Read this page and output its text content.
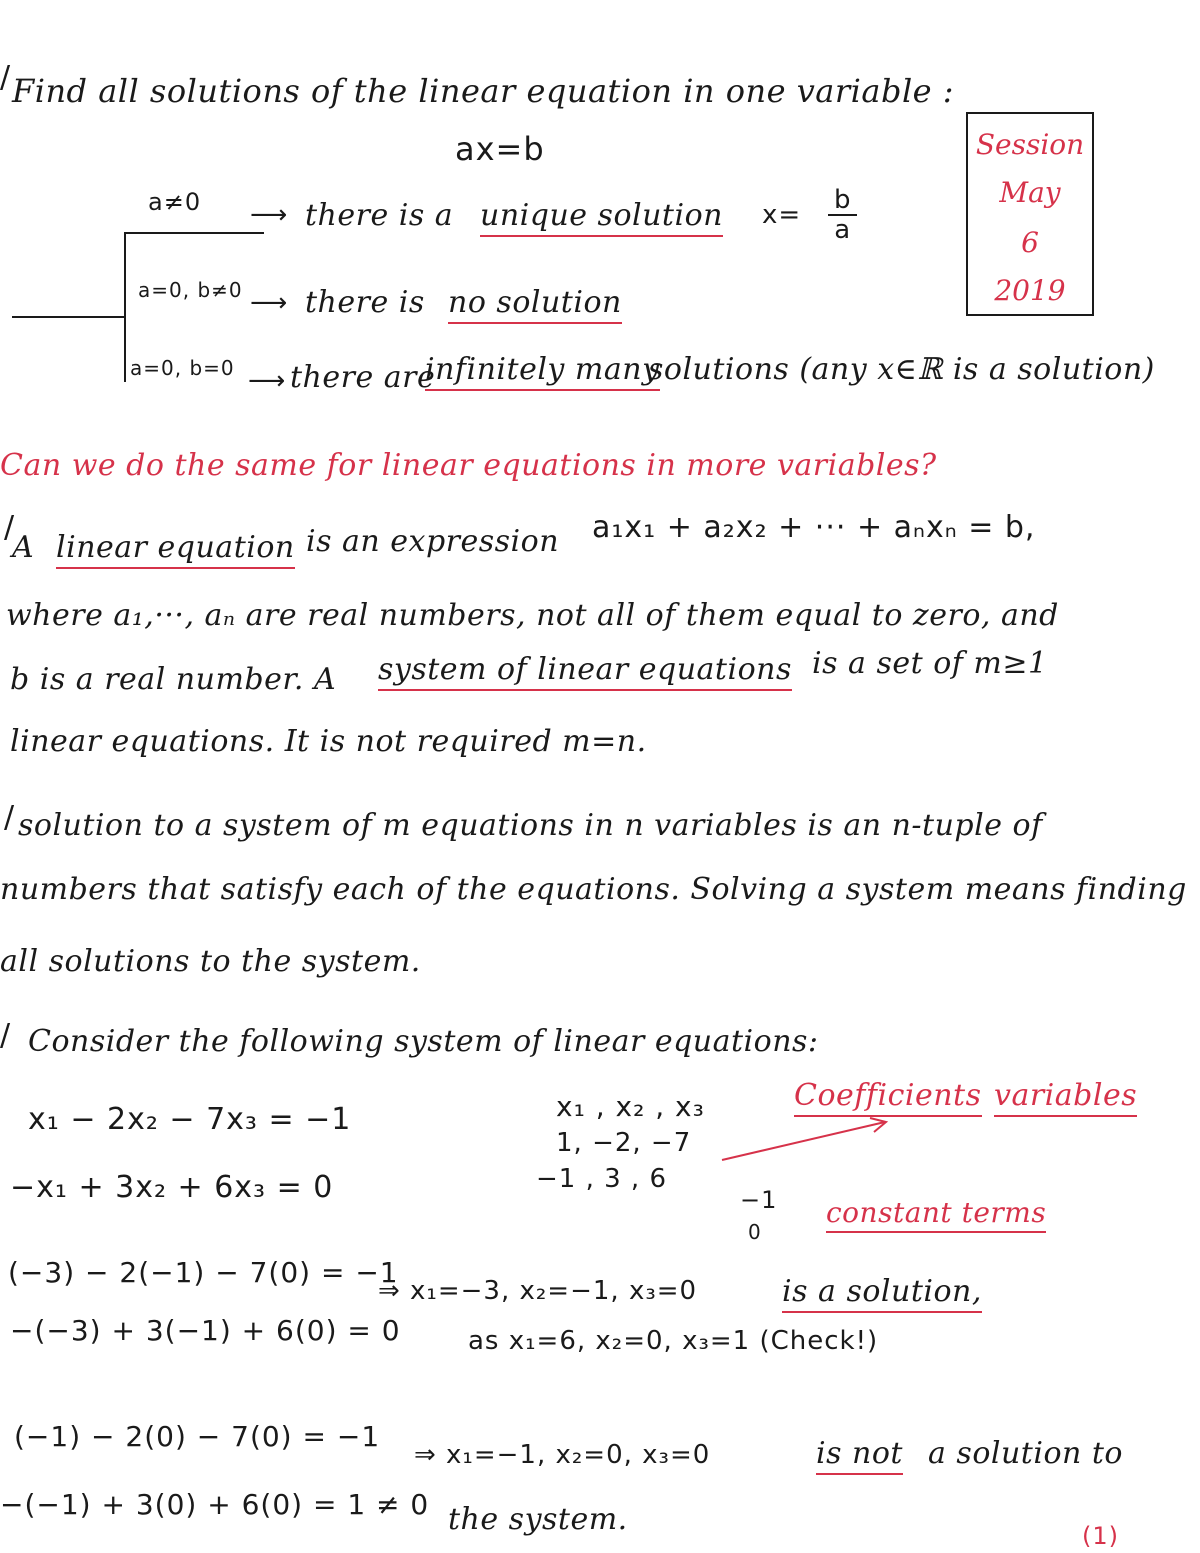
/ Find all solutions of the linear equation in one variable :
ax=b	Session
May
6
2019
a≠0 ⟶ there is a unique solution $x= \frac{b}{a}$
a=0, b≠0 ⟶ there is no solution
a=0, b=0 ⟶ there are
infinitely many
solutions (any x∈ℝ is a solution)
Can we do the same for linear equations in more variables?
/
A linear equation is an expression a₁x₁ + a₂x₂ + ··· + aₙxₙ = b,
where a₁,···, aₙ are real numbers, not all of them equal to zero, and
b is a real number. A system of linear equations is a set of m≥1
linear equations. It is not required m=n.
/ solution to a system of m equations in n variables is an n-tuple of
numbers that satisfy each of the equations. Solving a system means finding
all solutions to the system.
/ Consider the following system of linear equations:
x₁ − 2x₂ − 7x₃ = −1
−x₁ + 3x₂ + 6x₃ = 0
x₁ , x₂ , x₃
1, −2, −7
−1 , 3 , 6
−1
0
Coefficients variables
constant terms
(−3) − 2(−1) − 7(0) = −1
−(−3) + 3(−1) + 6(0) = 0
⇒ x₁=−3, x₂=−1, x₃=0	is a solution,
as x₁=6, x₂=0, x₃=1 (Check!)
(−1) − 2(0) − 7(0) = −1
−(−1) + 3(0) + 6(0) = 1 ≠ 0
⇒ x₁=−1, x₂=0, x₃=0	is not a solution to
the system.	(1)
